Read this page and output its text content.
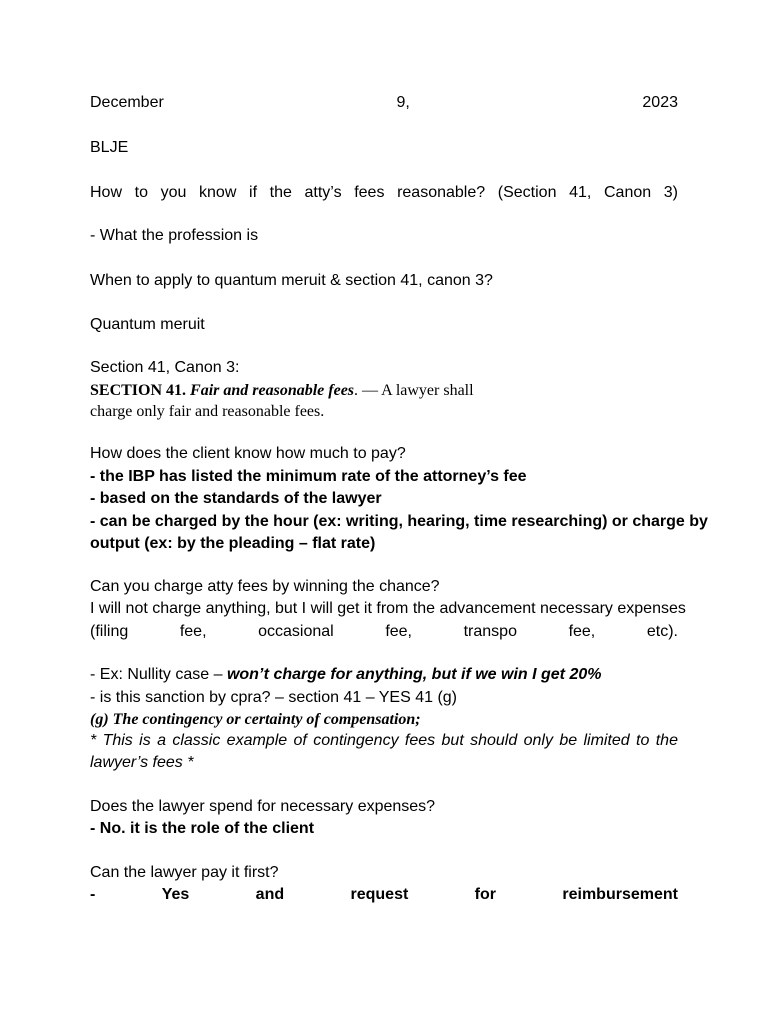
December	9,	2023
BLJE
How to you know if the atty’s fees reasonable? (Section 41, Canon 3)
- What the profession is
When to apply to quantum meruit & section 41, canon 3?
Quantum meruit
Section 41, Canon 3:
SECTION 41. Fair and reasonable fees. — A lawyer shall
charge only fair and reasonable fees.
How does the client know how much to pay?
- the IBP has listed the minimum rate of the attorney’s fee
- based on the standards of the lawyer
- can be charged by the hour (ex: writing, hearing, time researching) or charge by
output (ex: by the pleading – flat rate)
Can you charge atty fees by winning the chance?
I will not charge anything, but I will get it from the advancement necessary expenses
(filing	fee,	occasional	fee,	transpo	fee,	etc).
- Ex: Nullity case – won’t charge for anything, but if we win I get 20%
- is this sanction by cpra? – section 41 – YES 41 (g)
(g) The contingency or certainty of compensation;
* This is a classic example of contingency fees but should only be limited to the
lawyer’s fees *
Does the lawyer spend for necessary expenses?
- No. it is the role of the client
Can the lawyer pay it first?
-	Yes	and	request	for	reimbursement
